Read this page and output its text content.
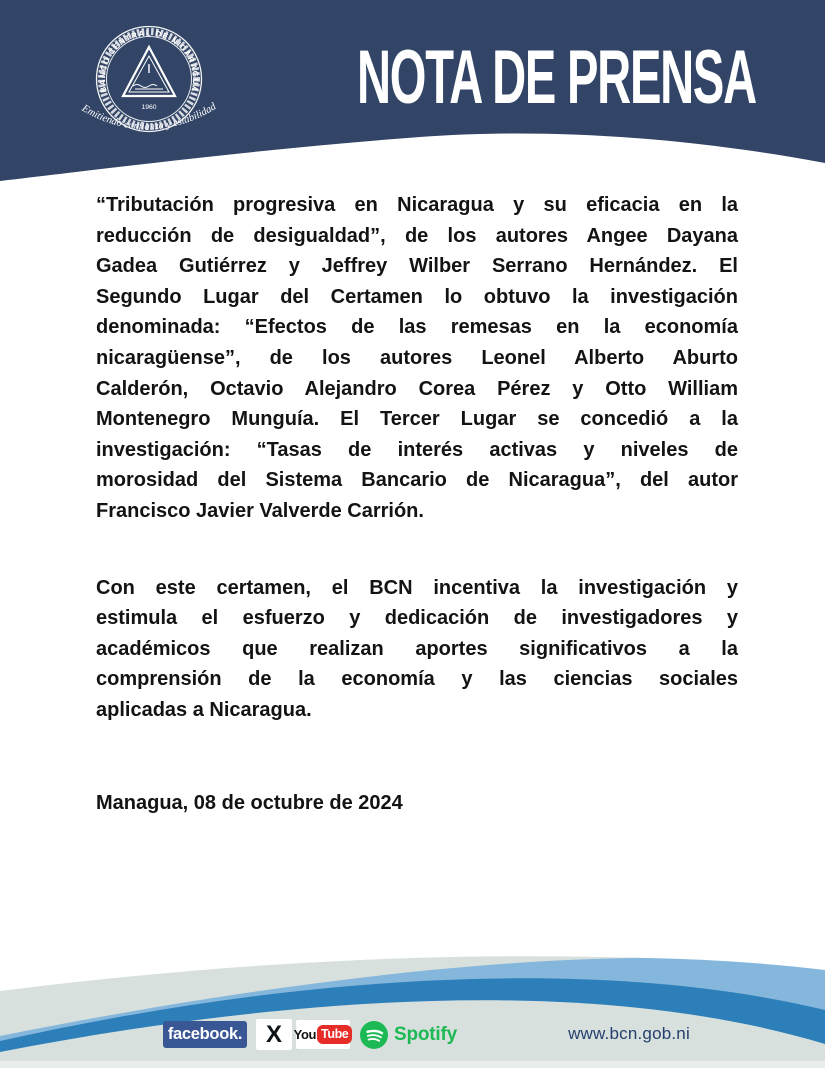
BANCO CENTRAL DE NICARAGUA
1960
Emitiendo confianza y estabilidad NOTA DE PRENSA
“Tributación progresiva en Nicaragua y su eficacia en la
reducción de desigualdad”, de los autores Angee Dayana
Gadea Gutiérrez y Jeffrey Wilber Serrano Hernández. El
Segundo Lugar del Certamen lo obtuvo la investigación
denominada: “Efectos de las remesas en la economía
nicaragüense”, de los autores Leonel Alberto Aburto
Calderón, Octavio Alejandro Corea Pérez y Otto William
Montenegro Munguía. El Tercer Lugar se concedió a la
investigación: “Tasas de interés activas y niveles de
morosidad del Sistema Bancario de Nicaragua”, del autor
Francisco Javier Valverde Carrión.
Con este certamen, el BCN incentiva la investigación y
estimula el esfuerzo y dedicación de investigadores y
académicos que realizan aportes significativos a la
comprensión de la economía y las ciencias sociales
aplicadas a Nicaragua.
Managua, 08 de octubre de 2024
facebook. X You Tube Spotify	www.bcn.gob.ni
